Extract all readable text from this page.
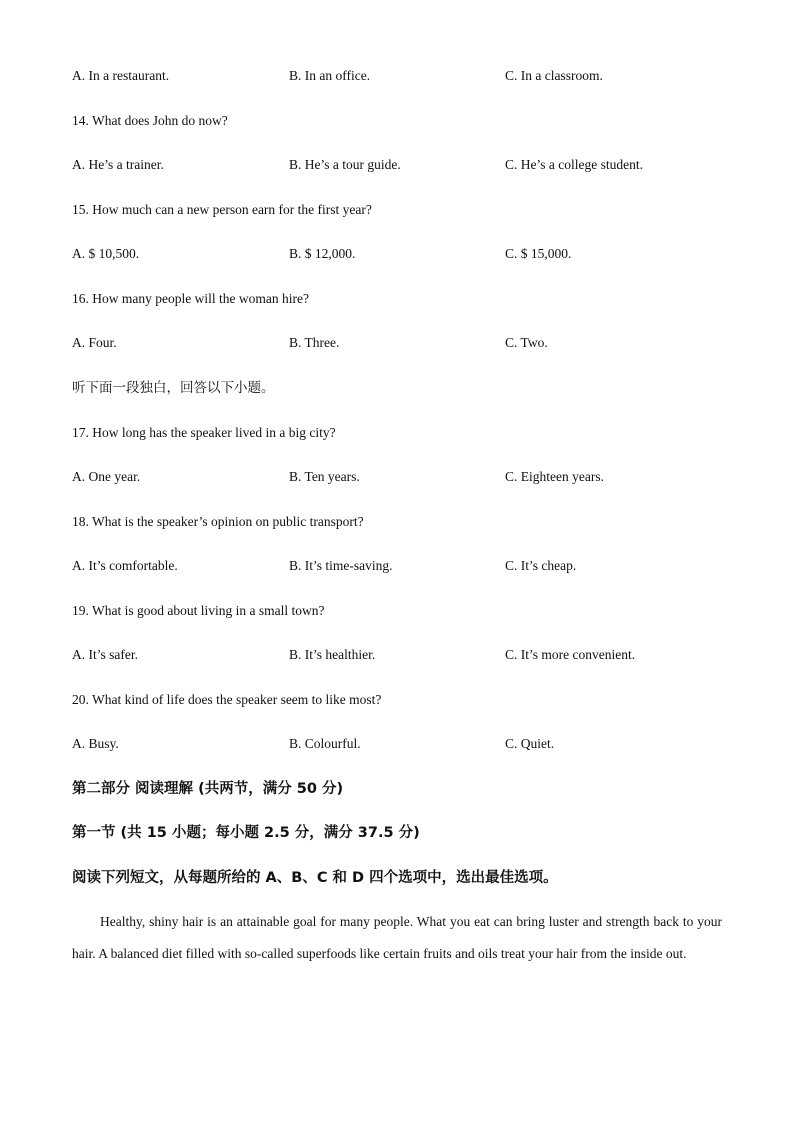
A. In a restaurant.	B. In an office.	C. In a classroom.
14. What does John do now?
A. He’s a trainer.	B. He’s a tour guide.	C. He’s a college student.
15. How much can a new person earn for the first year?
A. $ 10,500.	B. $ 12,000.	C. $ 15,000.
16. How many people will the woman hire?
A. Four.	B. Three.	C. Two.
听下面一段独白，回答以下小题。
17. How long has the speaker lived in a big city?
A. One year.	B. Ten years.	C. Eighteen years.
18. What is the speaker’s opinion on public transport?
A. It’s comfortable.	B. It’s time-saving.	C. It’s cheap.
19. What is good about living in a small town?
A. It’s safer.	B. It’s healthier.	C. It’s more convenient.
20. What kind of life does the speaker seem to like most?
A. Busy.	B. Colourful.	C. Quiet.
第二部分 阅读理解 (共两节，满分 50 分)
第一节 (共 15 小题；每小题 2.5 分，满分 37.5 分)
阅读下列短文，从每题所给的 A、B、C 和 D 四个选项中，选出最佳选项。
Healthy, shiny hair is an attainable goal for many people. What you eat can bring luster and strength back to your hair. A balanced diet filled with so-called superfoods like certain fruits and oils treat your hair from the inside out.
